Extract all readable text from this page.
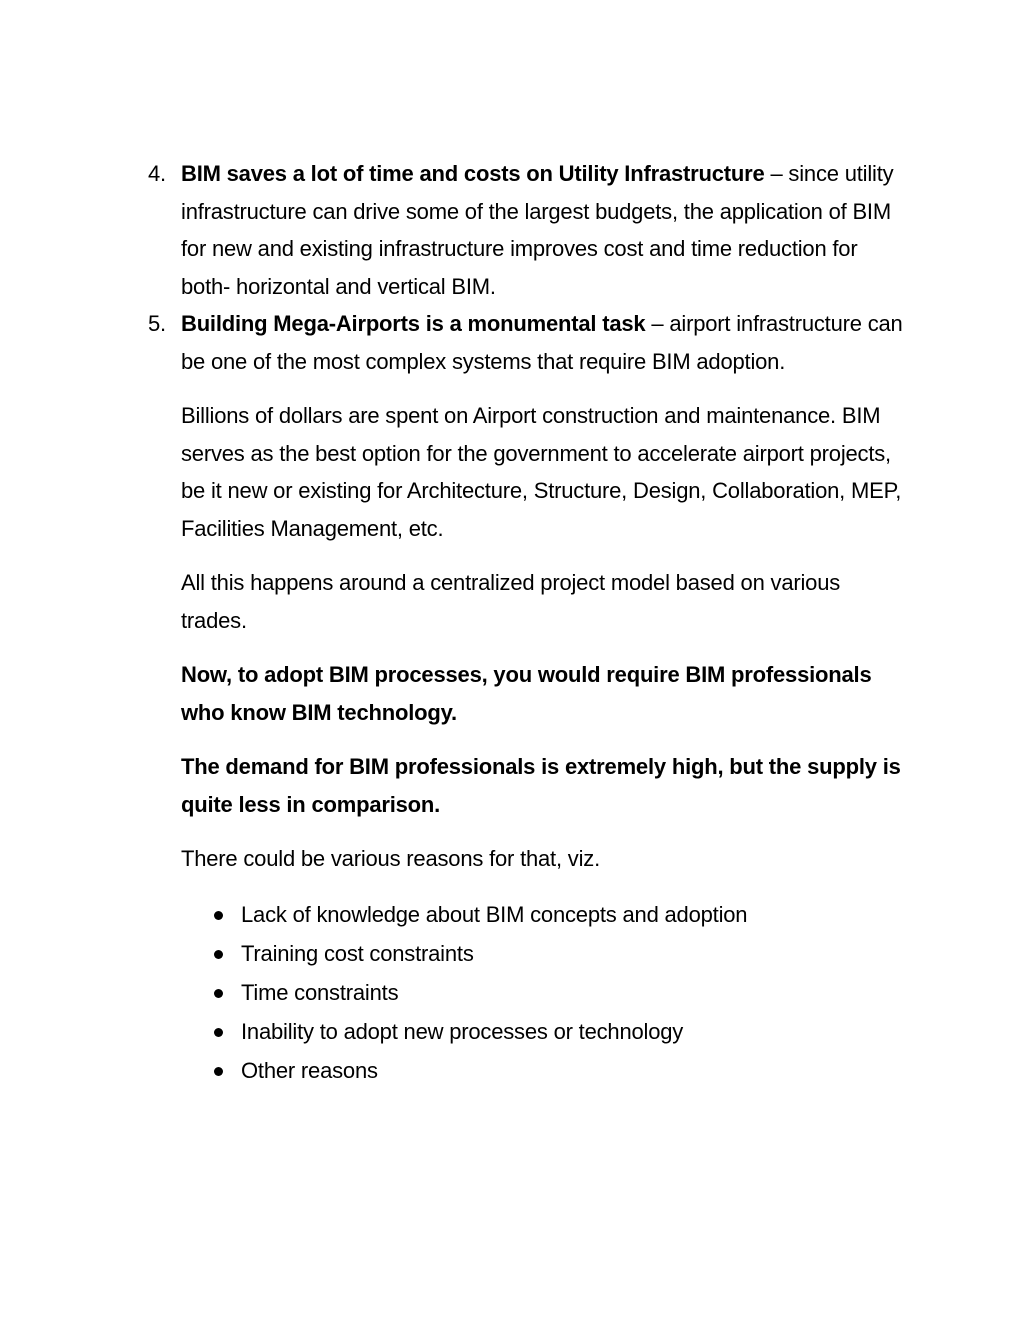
4. BIM saves a lot of time and costs on Utility Infrastructure – since utility infrastructure can drive some of the largest budgets, the application of BIM for new and existing infrastructure improves cost and time reduction for both- horizontal and vertical BIM.
5. Building Mega-Airports is a monumental task – airport infrastructure can be one of the most complex systems that require BIM adoption.

Billions of dollars are spent on Airport construction and maintenance. BIM serves as the best option for the government to accelerate airport projects, be it new or existing for Architecture, Structure, Design, Collaboration, MEP, Facilities Management, etc.

All this happens around a centralized project model based on various trades.

Now, to adopt BIM processes, you would require BIM professionals who know BIM technology.

The demand for BIM professionals is extremely high, but the supply is quite less in comparison.

There could be various reasons for that, viz.

Lack of knowledge about BIM concepts and adoption
Training cost constraints
Time constraints
Inability to adopt new processes or technology
Other reasons
